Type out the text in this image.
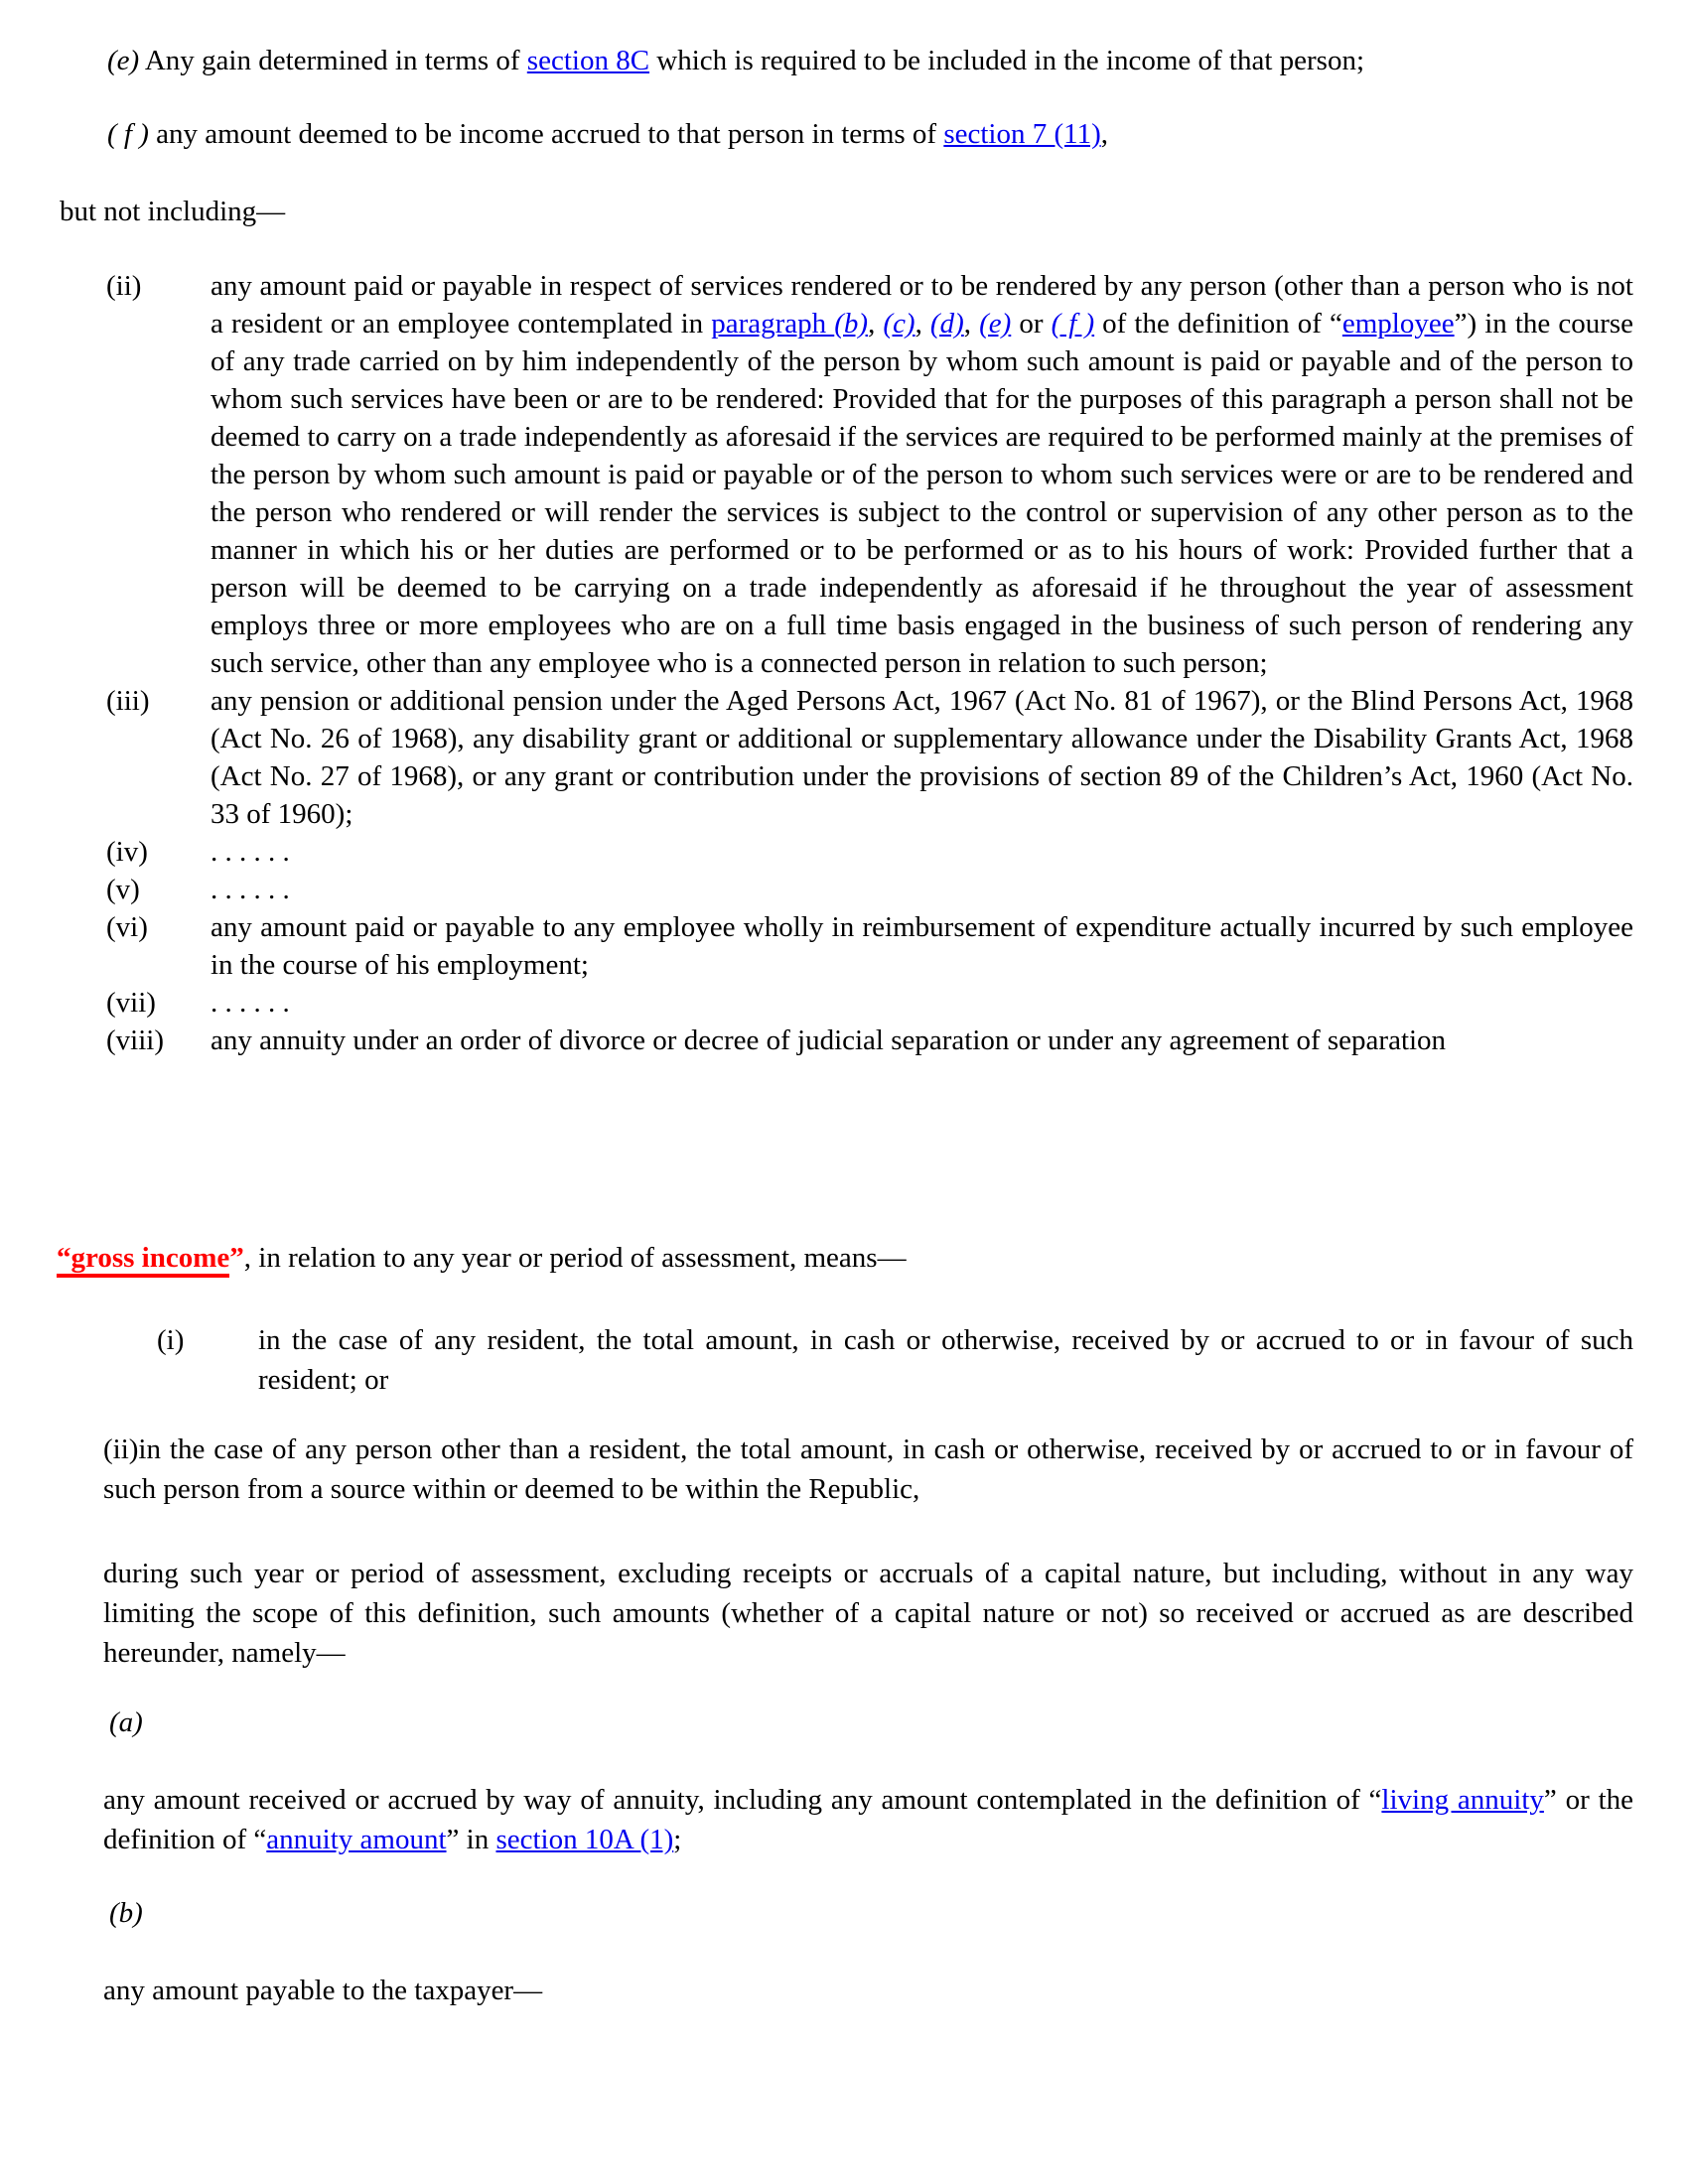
(e) Any gain determined in terms of section 8C which is required to be included in the income of that person;

( f ) any amount deemed to be income accrued to that person in terms of section 7 (11),

but not including—

(ii) any amount paid or payable in respect of services rendered or to be rendered by any person (other than a person who is not a resident or an employee contemplated in paragraph (b), (c), (d), (e) or ( f ) of the definition of “employee”) in the course of any trade carried on by him independently of the person by whom such amount is paid or payable and of the person to whom such services have been or are to be rendered: Provided that for the purposes of this paragraph a person shall not be deemed to carry on a trade independently as aforesaid if the services are required to be performed mainly at the premises of the person by whom such amount is paid or payable or of the person to whom such services were or are to be rendered and the person who rendered or will render the services is subject to the control or supervision of any other person as to the manner in which his or her duties are performed or to be performed or as to his hours of work: Provided further that a person will be deemed to be carrying on a trade independently as aforesaid if he throughout the year of assessment employs three or more employees who are on a full time basis engaged in the business of such person of rendering any such service, other than any employee who is a connected person in relation to such person;
(iii) any pension or additional pension under the Aged Persons Act, 1967 (Act No. 81 of 1967), or the Blind Persons Act, 1968 (Act No. 26 of 1968), any disability grant or additional or supplementary allowance under the Disability Grants Act, 1968 (Act No. 27 of 1968), or any grant or contribution under the provisions of section 89 of the Children’s Act, 1960 (Act No. 33 of 1960);
(iv) . . . . . .
(v) . . . . . .
(vi) any amount paid or payable to any employee wholly in reimbursement of expenditure actually incurred by such employee in the course of his employment;
(vii) . . . . . .
(viii) any annuity under an order of divorce or decree of judicial separation or under any agreement of separation

“gross income”, in relation to any year or period of assessment, means—

(i)	in the case of any resident, the total amount, in cash or otherwise, received by or accrued to or in favour of such resident; or

(ii)in the case of any person other than a resident, the total amount, in cash or otherwise, received by or accrued to or in favour of such person from a source within or deemed to be within the Republic,

during such year or period of assessment, excluding receipts or accruals of a capital nature, but including, without in any way limiting the scope of this definition, such amounts (whether of a capital nature or not) so received or accrued as are described hereunder, namely—

(a)

any amount received or accrued by way of annuity, including any amount contemplated in the definition of “living annuity” or the definition of “annuity amount” in section 10A (1);

(b)

any amount payable to the taxpayer—
